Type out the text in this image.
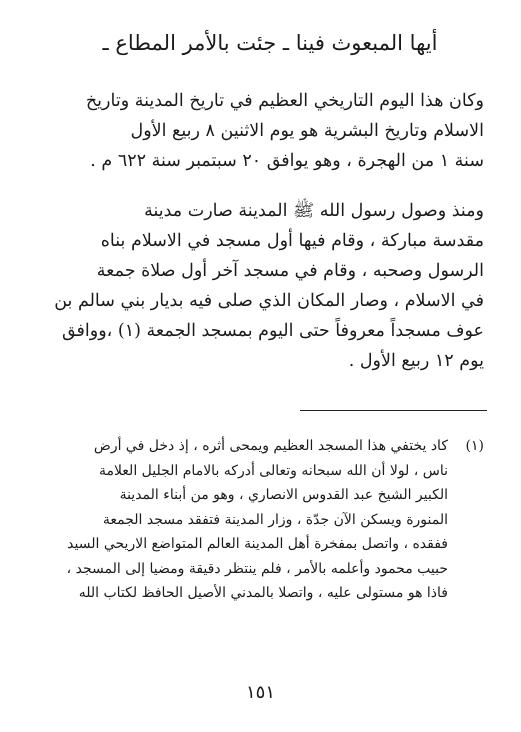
أيها المبعوث فينا ـ جئت بالأمر المطاع ـ

وكان هذا اليوم التاريخي العظيم في تاريخ المدينة وتاريخ
الاسلام وتاريخ البشرية هو يوم الاثنين ٨ ربيع الأول
سنة ١ من الهجرة ، وهو يوافق ٢٠ سبتمبر سنة ٦٢٢ م .

ومنذ وصول رسول الله ﷺ المدينة صارت مدينة
مقدسة مباركة ، وقام فيها أول مسجد في الاسلام بناه
الرسول وصحبه ، وقام في مسجد آخر أول صلاة جمعة
في الاسلام ، وصار المكان الذي صلى فيه بديار بني سالم بن
عوف مسجداً معروفاً حتى اليوم بمسجد الجمعة (١) ،ووافق
يوم ١٢ ربيع الأول .

(١)
كاد يختفي هذا المسجد العظيم ويمحى أثره ، إذ دخل في أرض
ناس ، لولا أن الله سبحانه وتعالى أدركه بالامام الجليل العلامة
الكبير الشيخ عبد القدوس الانصاري ، وهو من أبناء المدينة
المنورة ويسكن الآن جدّة ، وزار المدينة فتفقد مسجد الجمعة
ففقده ، واتصل بمفخرة أهل المدينة العالم المتواضع الاريحي السيد
حبيب محمود وأعلمه بالأمر ، فلم ينتظر دقيقة ومضيا إلى المسجد ،
فاذا هو مستولى عليه ، واتصلا بالمدني الأصيل الحافظ لكتاب الله
١٥١
